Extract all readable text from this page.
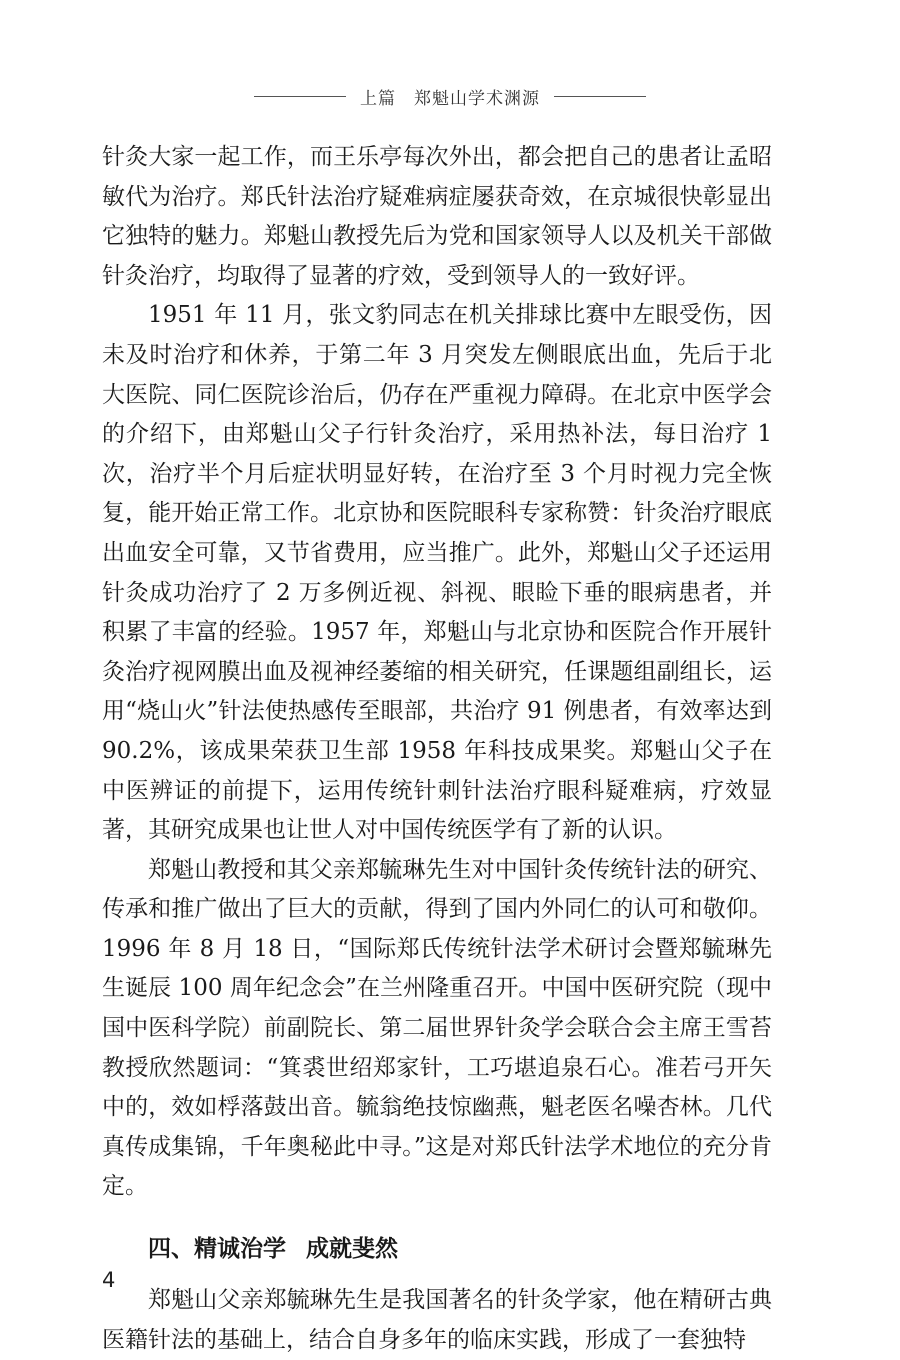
上篇 郑魁山学术渊源

针灸大家一起工作，而王乐亭每次外出，都会把自己的患者让孟昭敏代为治疗。郑氏针法治疗疑难病症屡获奇效，在京城很快彰显出它独特的魅力。郑魁山教授先后为党和国家领导人以及机关干部做针灸治疗，均取得了显著的疗效，受到领导人的一致好评。

1951 年 11 月，张文豹同志在机关排球比赛中左眼受伤，因未及时治疗和休养，于第二年 3 月突发左侧眼底出血，先后于北大医院、同仁医院诊治后，仍存在严重视力障碍。在北京中医学会的介绍下，由郑魁山父子行针灸治疗，采用热补法，每日治疗 1 次，治疗半个月后症状明显好转，在治疗至 3 个月时视力完全恢复，能开始正常工作。北京协和医院眼科专家称赞：针灸治疗眼底出血安全可靠，又节省费用，应当推广。此外，郑魁山父子还运用针灸成功治疗了 2 万多例近视、斜视、眼睑下垂的眼病患者，并积累了丰富的经验。1957 年，郑魁山与北京协和医院合作开展针灸治疗视网膜出血及视神经萎缩的相关研究，任课题组副组长，运用“烧山火”针法使热感传至眼部，共治疗 91 例患者，有效率达到 90.2%，该成果荣获卫生部 1958 年科技成果奖。郑魁山父子在中医辨证的前提下，运用传统针刺针法治疗眼科疑难病，疗效显著，其研究成果也让世人对中国传统医学有了新的认识。

郑魁山教授和其父亲郑毓琳先生对中国针灸传统针法的研究、传承和推广做出了巨大的贡献，得到了国内外同仁的认可和敬仰。1996 年 8 月 18 日，“国际郑氏传统针法学术研讨会暨郑毓琳先生诞辰 100 周年纪念会”在兰州隆重召开。中国中医研究院（现中国中医科学院）前副院长、第二届世界针灸学会联合会主席王雪苔教授欣然题词：“箕裘世绍郑家针，工巧堪追泉石心。准若弓开矢中的，效如桴落鼓出音。毓翁绝技惊幽燕，魁老医名噪杏林。几代真传成集锦，千年奥秘此中寻。”这是对郑氏针法学术地位的充分肯定。

四、精诚治学 成就斐然

郑魁山父亲郑毓琳先生是我国著名的针灸学家，他在精研古典医籍针法的基础上，结合自身多年的临床实践，形成了一套独特

4
